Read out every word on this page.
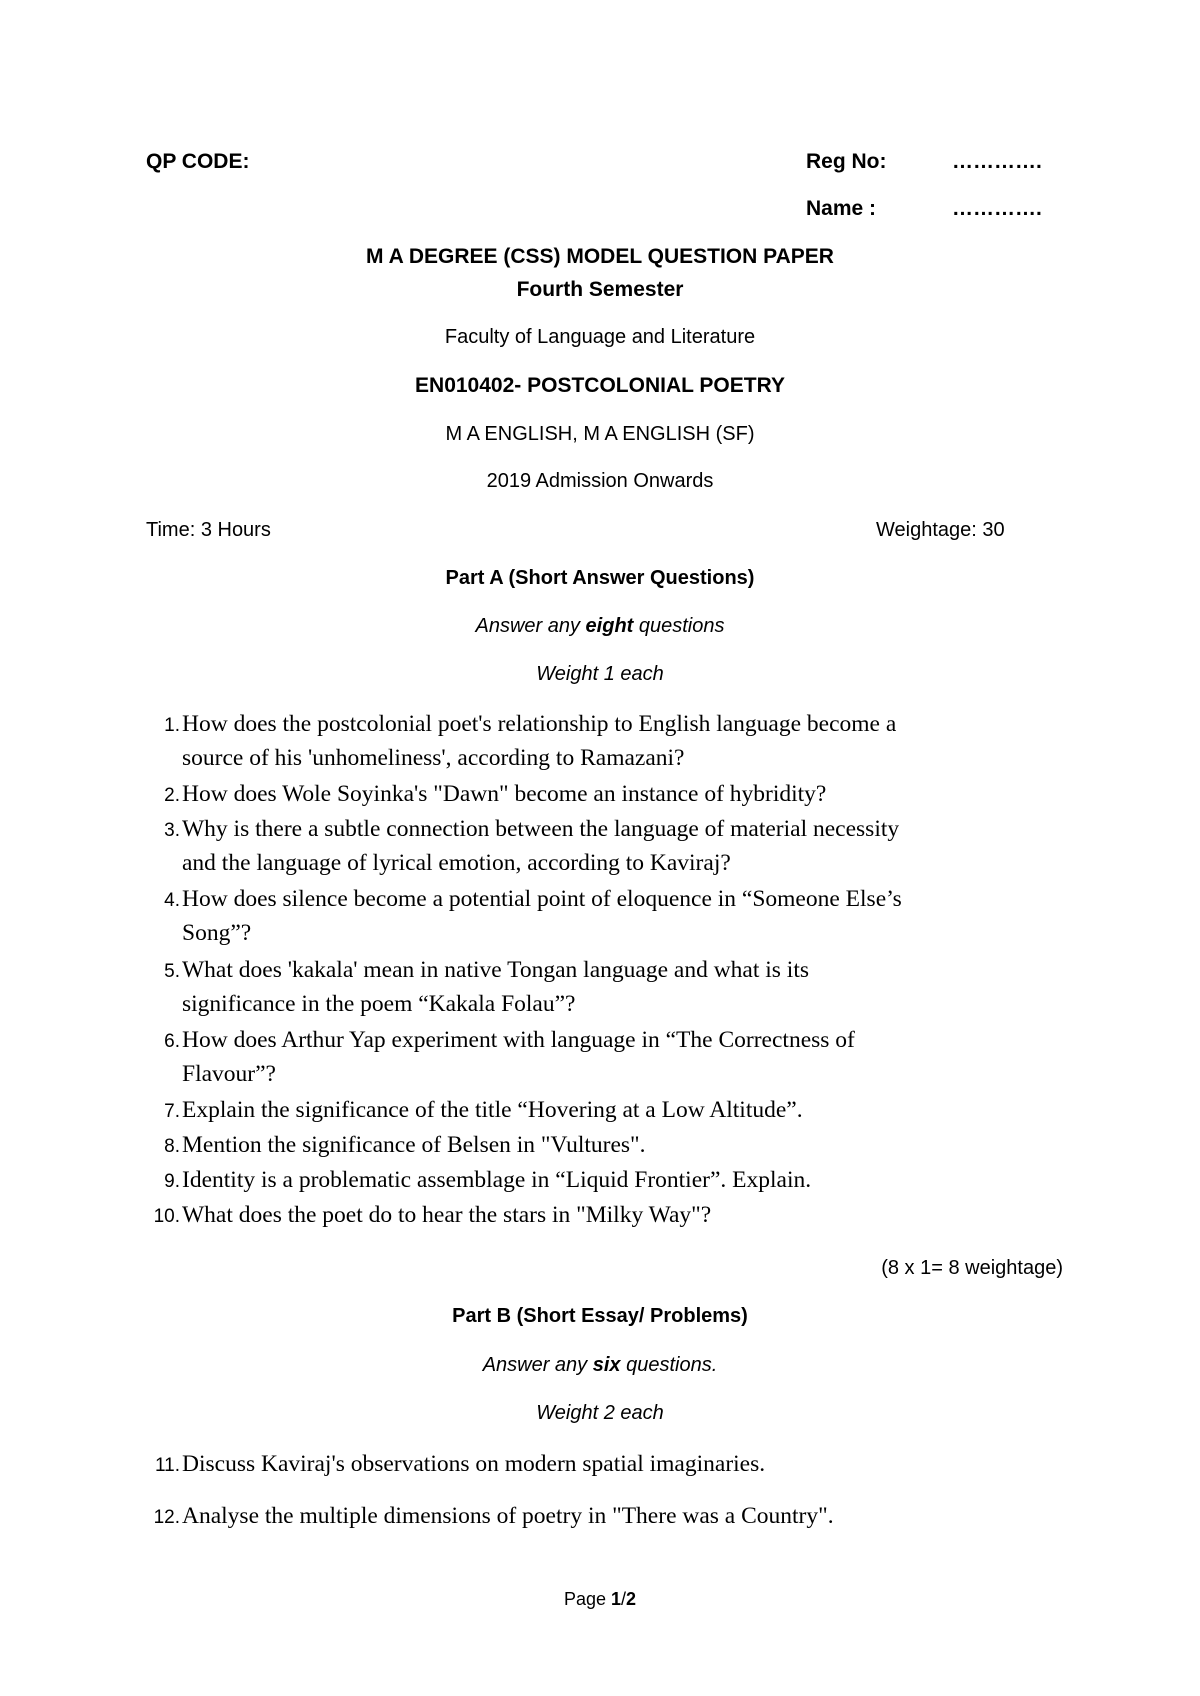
QP CODE:	Reg No:	………….
Name :	………….
M A DEGREE (CSS) MODEL QUESTION PAPER
Fourth Semester
Faculty of Language and Literature
EN010402- POSTCOLONIAL POETRY
M A ENGLISH, M A ENGLISH (SF)
2019 Admission Onwards
Time: 3 Hours	Weightage: 30
Part A (Short Answer Questions)
Answer any eight questions
Weight 1 each
1. How does the postcolonial poet's relationship to English language become a
source of his 'unhomeliness', according to Ramazani?
2. How does Wole Soyinka's "Dawn" become an instance of hybridity?
3. Why is there a subtle connection between the language of material necessity
and the language of lyrical emotion, according to Kaviraj?
4. How does silence become a potential point of eloquence in “Someone Else’s
Song”?
5. What does 'kakala' mean in native Tongan language and what is its
significance in the poem “Kakala Folau”?
6. How does Arthur Yap experiment with language in “The Correctness of
Flavour”?
7. Explain the significance of the title “Hovering at a Low Altitude”.
8. Mention the significance of Belsen in "Vultures".
9. Identity is a problematic assemblage in “Liquid Frontier”. Explain.
10. What does the poet do to hear the stars in "Milky Way"?
(8 x 1= 8 weightage)
Part B (Short Essay/ Problems)
Answer any six questions.
Weight 2 each
11. Discuss Kaviraj's observations on modern spatial imaginaries.
12. Analyse the multiple dimensions of poetry in "There was a Country".
Page 1/2
